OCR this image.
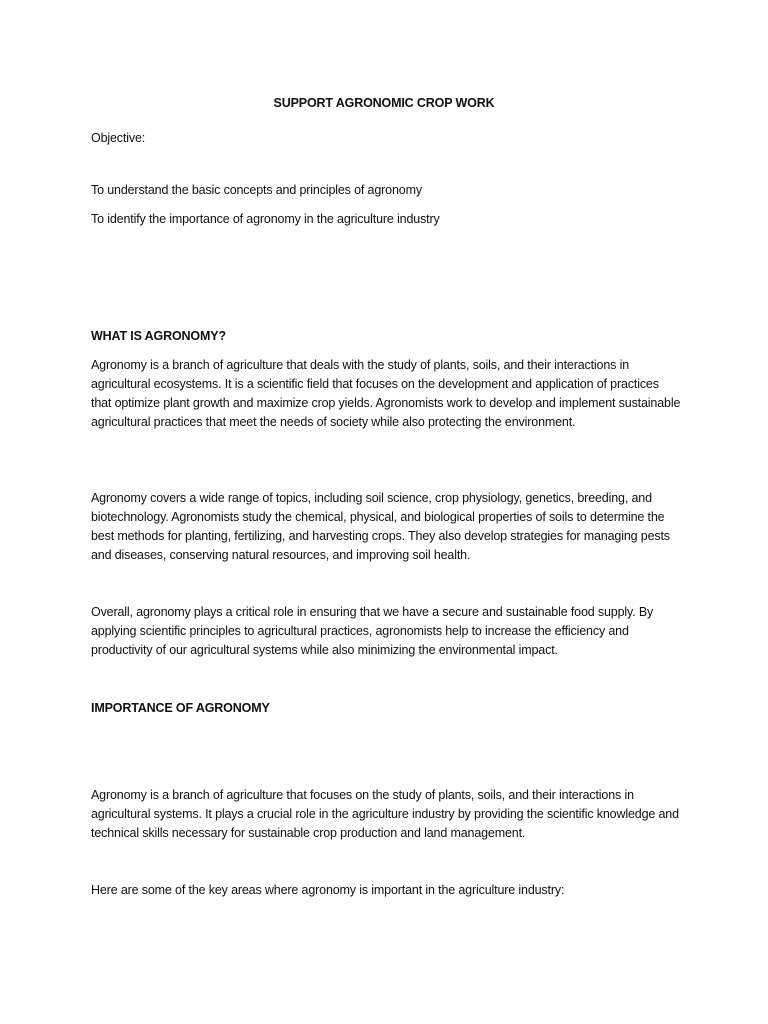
SUPPORT AGRONOMIC CROP WORK

Objective:

To understand the basic concepts and principles of agronomy

To identify the importance of agronomy in the agriculture industry

WHAT IS AGRONOMY?

Agronomy is a branch of agriculture that deals with the study of plants, soils, and their interactions in agricultural ecosystems. It is a scientific field that focuses on the development and application of practices that optimize plant growth and maximize crop yields. Agronomists work to develop and implement sustainable agricultural practices that meet the needs of society while also protecting the environment.

Agronomy covers a wide range of topics, including soil science, crop physiology, genetics, breeding, and biotechnology. Agronomists study the chemical, physical, and biological properties of soils to determine the best methods for planting, fertilizing, and harvesting crops. They also develop strategies for managing pests and diseases, conserving natural resources, and improving soil health.

Overall, agronomy plays a critical role in ensuring that we have a secure and sustainable food supply. By applying scientific principles to agricultural practices, agronomists help to increase the efficiency and productivity of our agricultural systems while also minimizing the environmental impact.

IMPORTANCE OF AGRONOMY

Agronomy is a branch of agriculture that focuses on the study of plants, soils, and their interactions in agricultural systems. It plays a crucial role in the agriculture industry by providing the scientific knowledge and technical skills necessary for sustainable crop production and land management.

Here are some of the key areas where agronomy is important in the agriculture industry:
